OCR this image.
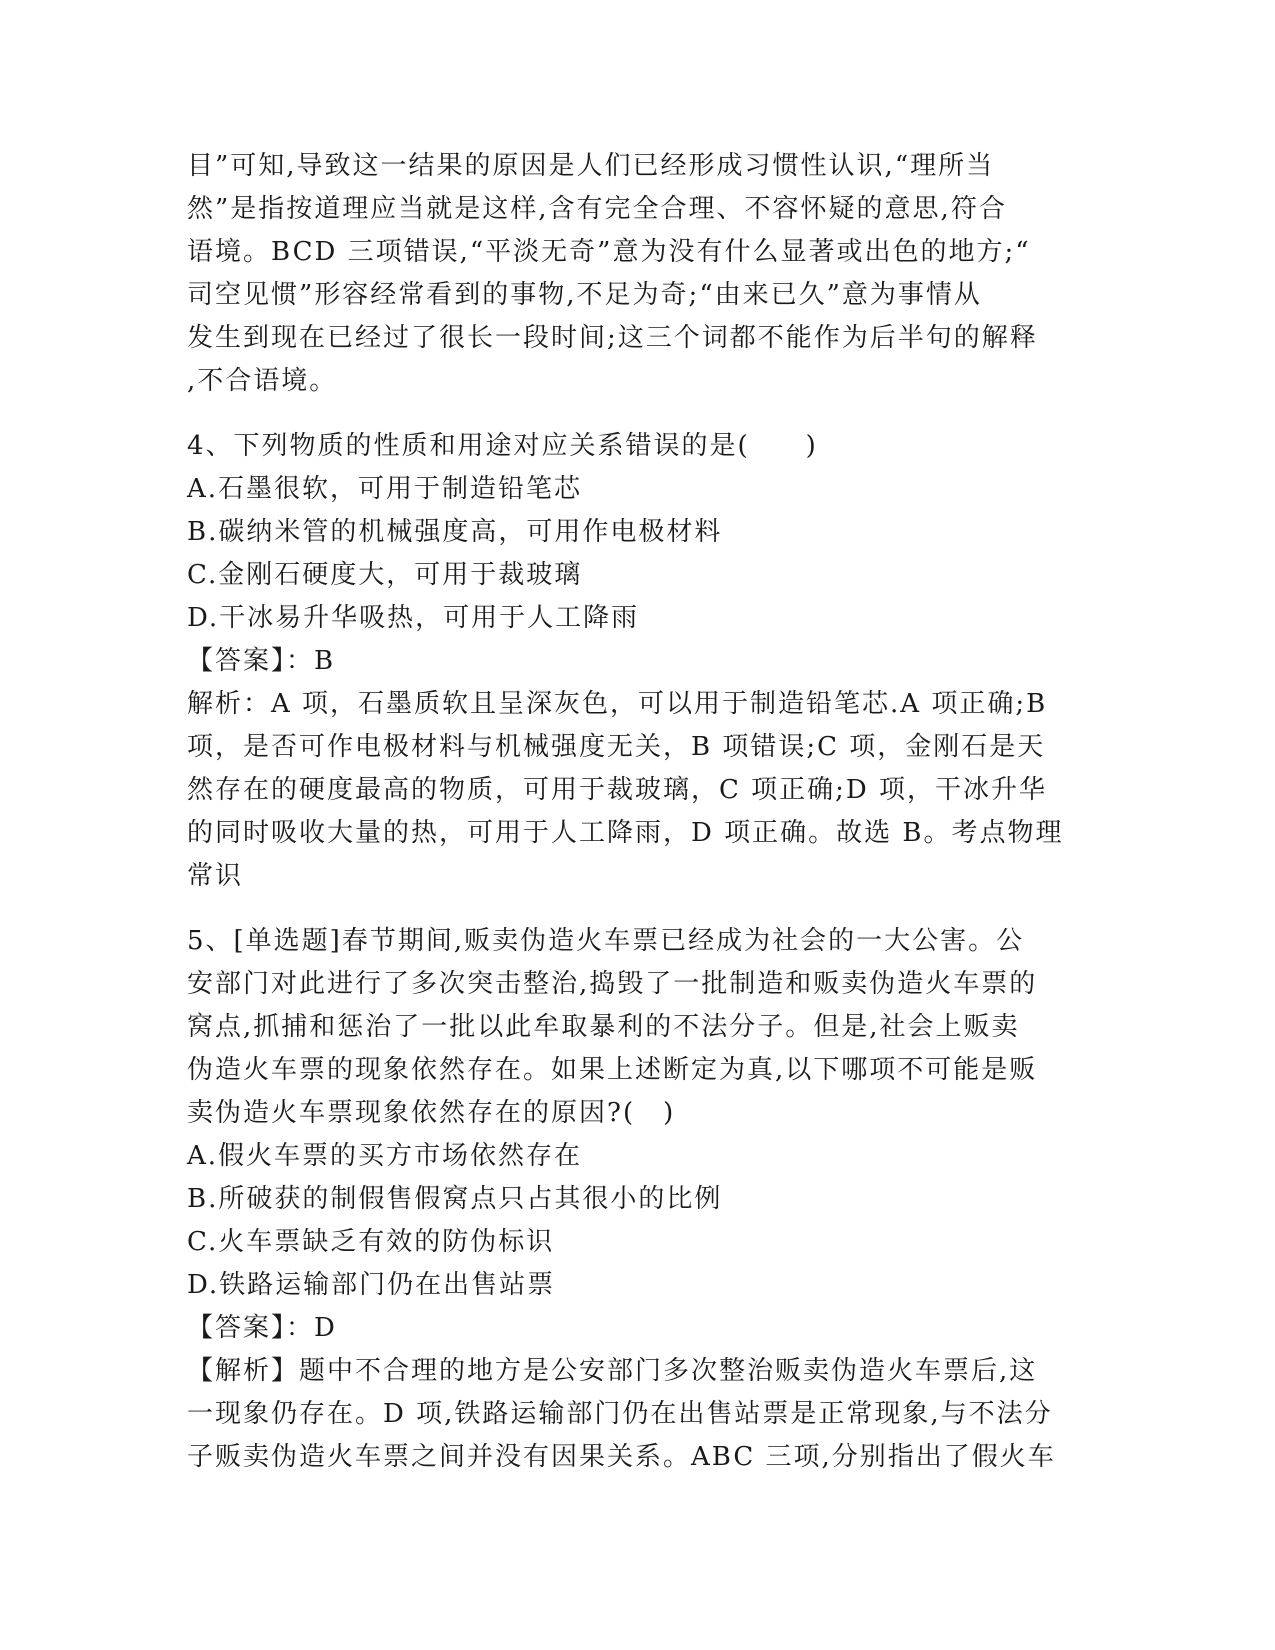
目”可知,导致这一结果的原因是人们已经形成习惯性认识,“理所当
然”是指按道理应当就是这样,含有完全合理、不容怀疑的意思,符合
语境。BCD 三项错误,“平淡无奇”意为没有什么显著或出色的地方;“
司空见惯”形容经常看到的事物,不足为奇;“由来已久”意为事情从
发生到现在已经过了很长一段时间;这三个词都不能作为后半句的解释
,不合语境。
4、下列物质的性质和用途对应关系错误的是(　　)
A.石墨很软，可用于制造铅笔芯
B.碳纳米管的机械强度高，可用作电极材料
C.金刚石硬度大，可用于裁玻璃
D.干冰易升华吸热，可用于人工降雨
【答案】：B
解析：A 项，石墨质软且呈深灰色，可以用于制造铅笔芯.A 项正确;B
项，是否可作电极材料与机械强度无关，B 项错误;C 项，金刚石是天
然存在的硬度最高的物质，可用于裁玻璃，C 项正确;D 项，干冰升华
的同时吸收大量的热，可用于人工降雨，D 项正确。故选 B。考点物理
常识
5、[单选题]春节期间,贩卖伪造火车票已经成为社会的一大公害。公
安部门对此进行了多次突击整治,捣毁了一批制造和贩卖伪造火车票的
窝点,抓捕和惩治了一批以此牟取暴利的不法分子。但是,社会上贩卖
伪造火车票的现象依然存在。如果上述断定为真,以下哪项不可能是贩
卖伪造火车票现象依然存在的原因?(　)
A.假火车票的买方市场依然存在
B.所破获的制假售假窝点只占其很小的比例
C.火车票缺乏有效的防伪标识
D.铁路运输部门仍在出售站票
【答案】：D
【解析】题中不合理的地方是公安部门多次整治贩卖伪造火车票后,这
一现象仍存在。D 项,铁路运输部门仍在出售站票是正常现象,与不法分
子贩卖伪造火车票之间并没有因果关系。ABC 三项,分别指出了假火车
